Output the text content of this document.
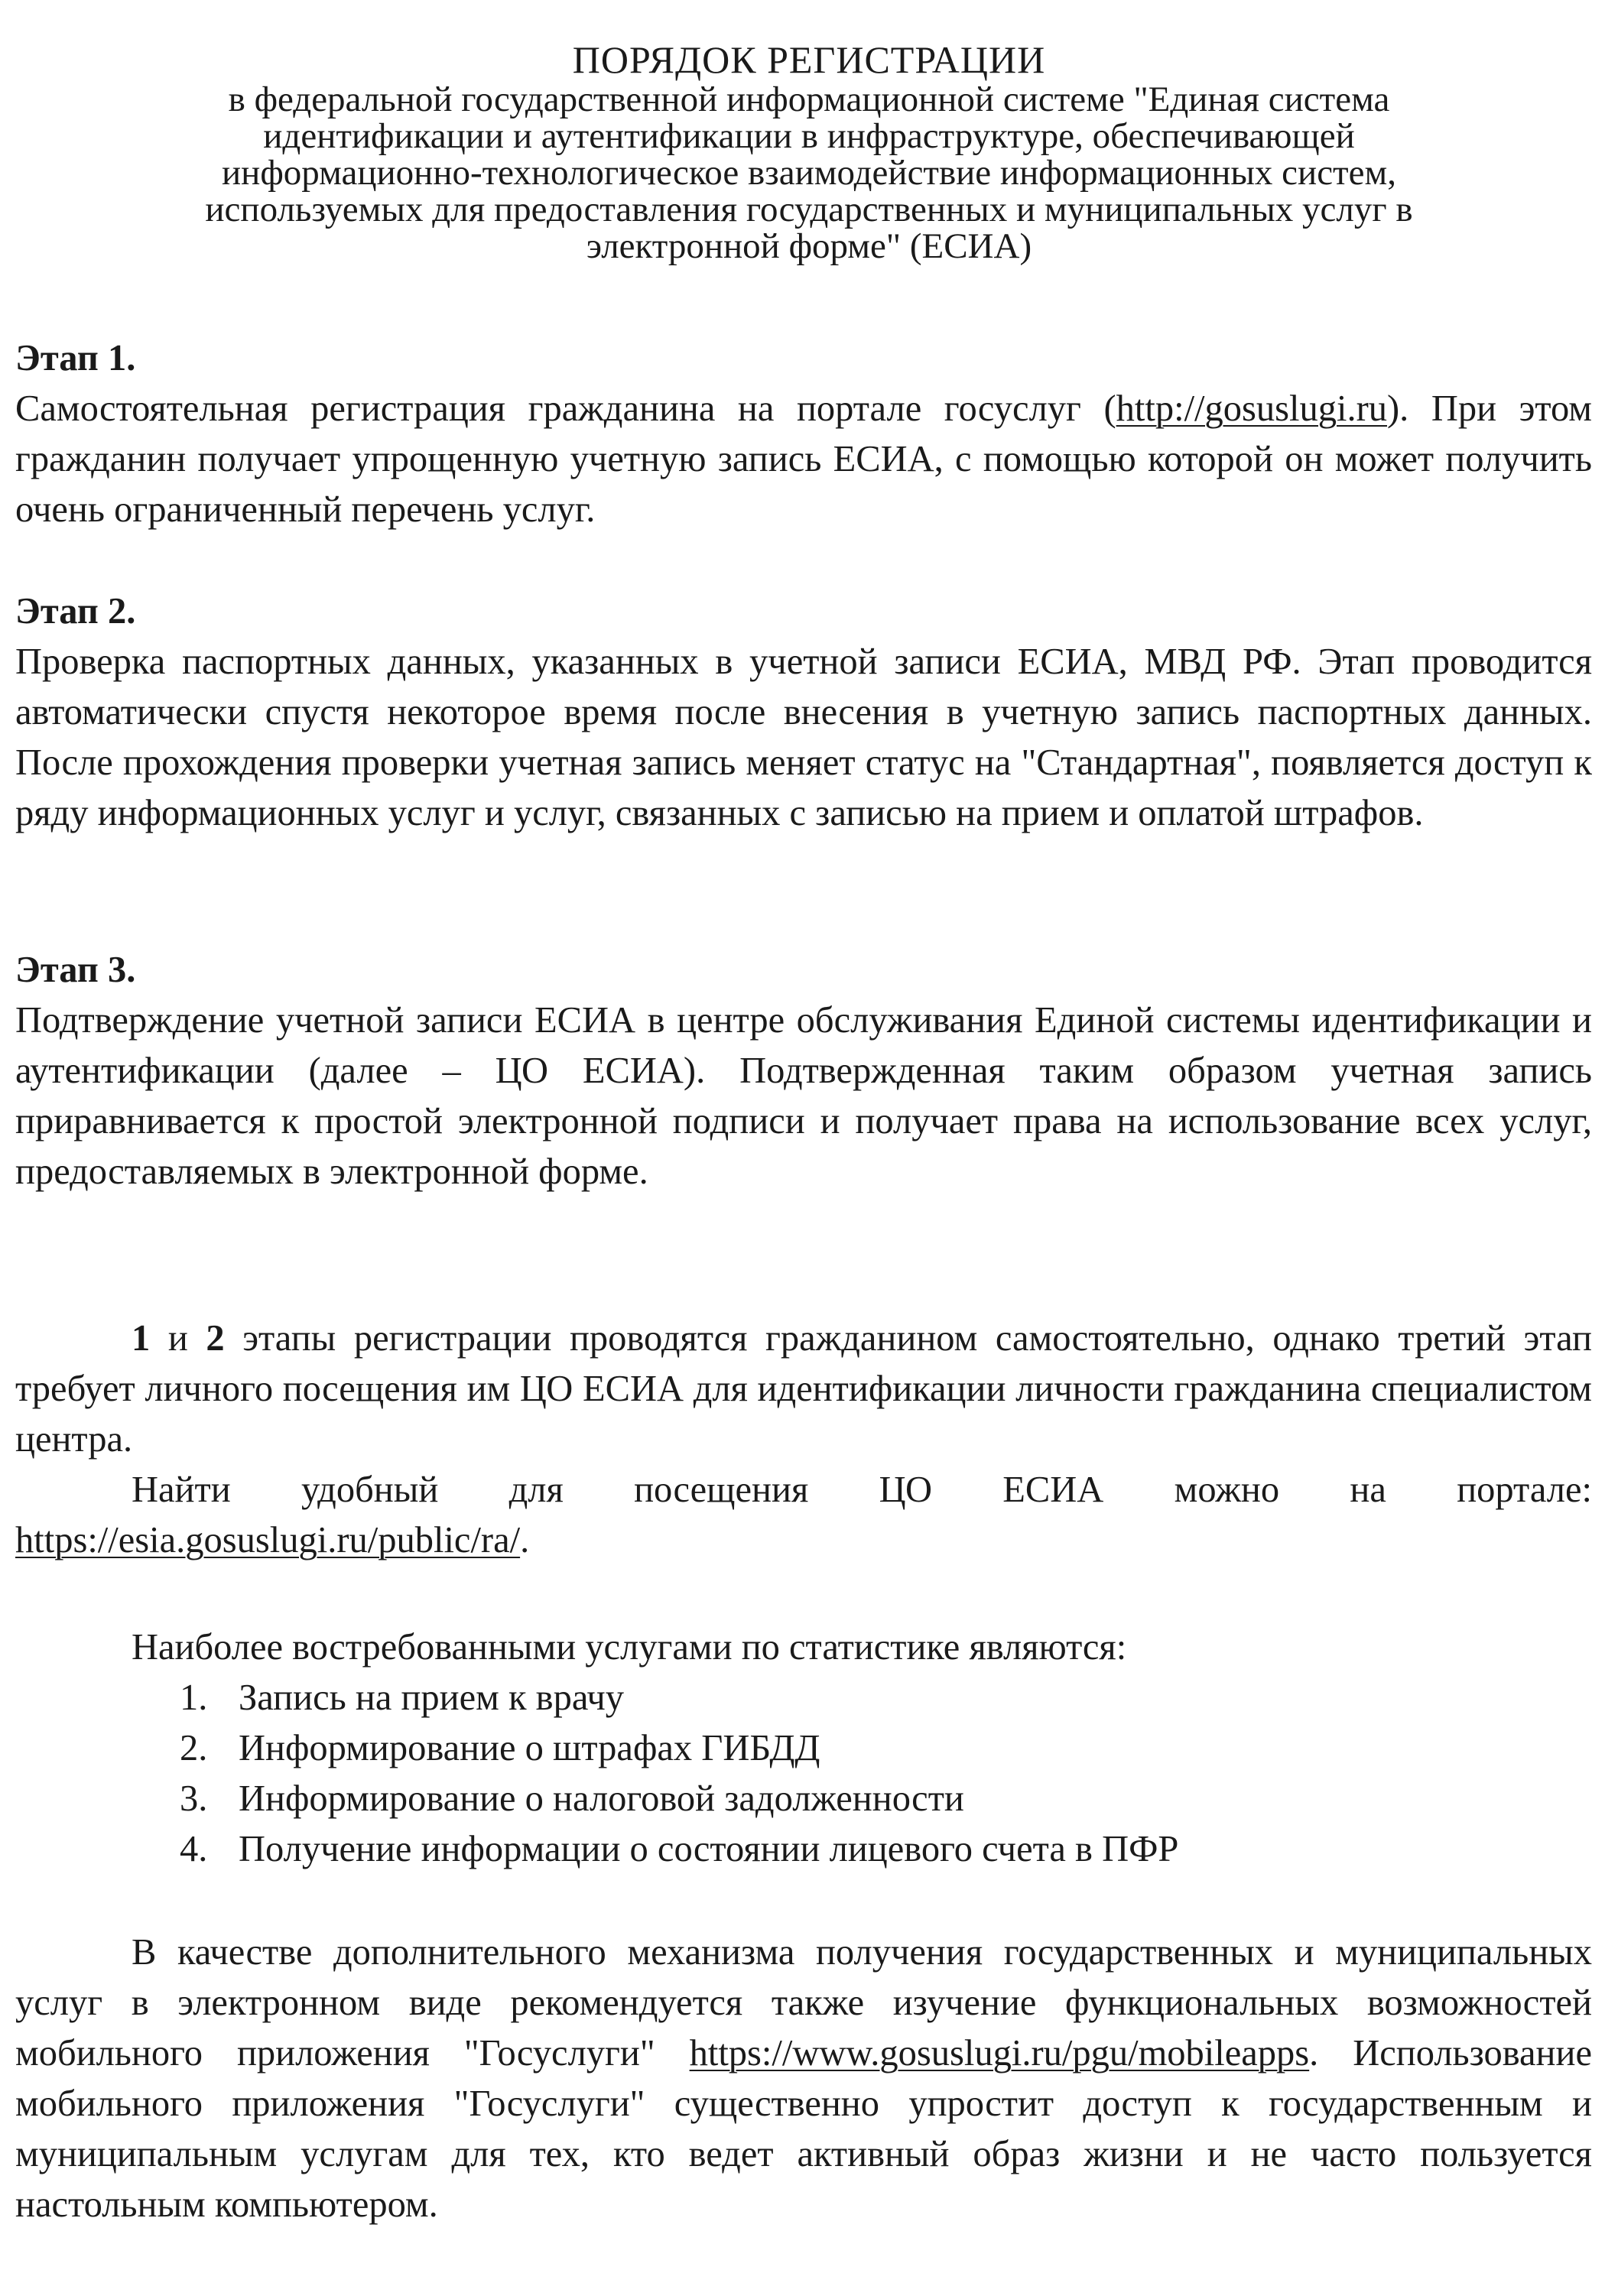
ПОРЯДОК РЕГИСТРАЦИИ
в федеральной государственной информационной системе "Единая система
идентификации и аутентификации в инфраструктуре, обеспечивающей
информационно-технологическое взаимодействие информационных систем,
используемых для предоставления государственных и муниципальных услуг в
электронной форме" (ЕСИА)

Этап 1.

Самостоятельная регистрация гражданина на портале госуслуг (http://gosuslugi.ru). При этом гражданин получает упрощенную учетную запись ЕСИА, с помощью которой он может получить очень ограниченный перечень услуг.

Этап 2.

Проверка паспортных данных, указанных в учетной записи ЕСИА, МВД РФ. Этап проводится автоматически спустя некоторое время после внесения в учетную запись паспортных данных. После прохождения проверки учетная запись меняет статус на "Стандартная", появляется доступ к ряду информационных услуг и услуг, связанных с записью на прием и оплатой штрафов.

Этап 3.

Подтверждение учетной записи ЕСИА в центре обслуживания Единой системы идентификации и аутентификации (далее – ЦО ЕСИА). Подтвержденная таким образом учетная запись приравнивается к простой электронной подписи и получает права на использование всех услуг, предоставляемых в электронной форме.

1 и 2 этапы регистрации проводятся гражданином самостоятельно, однако третий этап требует личного посещения им ЦО ЕСИА для идентификации личности гражданина специалистом центра.

Найти удобный для посещения ЦО ЕСИА можно на портале: https://esia.gosuslugi.ru/public/ra/.

Наиболее востребованными услугами по статистике являются:

1. Запись на прием к врачу
2. Информирование о штрафах ГИБДД
3. Информирование о налоговой задолженности
4. Получение информации о состоянии лицевого счета в ПФР

В качестве дополнительного механизма получения государственных и муниципальных услуг в электронном виде рекомендуется также изучение функциональных возможностей мобильного приложения "Госуслуги" https://www.gosuslugi.ru/pgu/mobileapps. Использование мобильного приложения "Госуслуги" существенно упростит доступ к государственным и муниципальным услугам для тех, кто ведет активный образ жизни и не часто пользуется настольным компьютером.
